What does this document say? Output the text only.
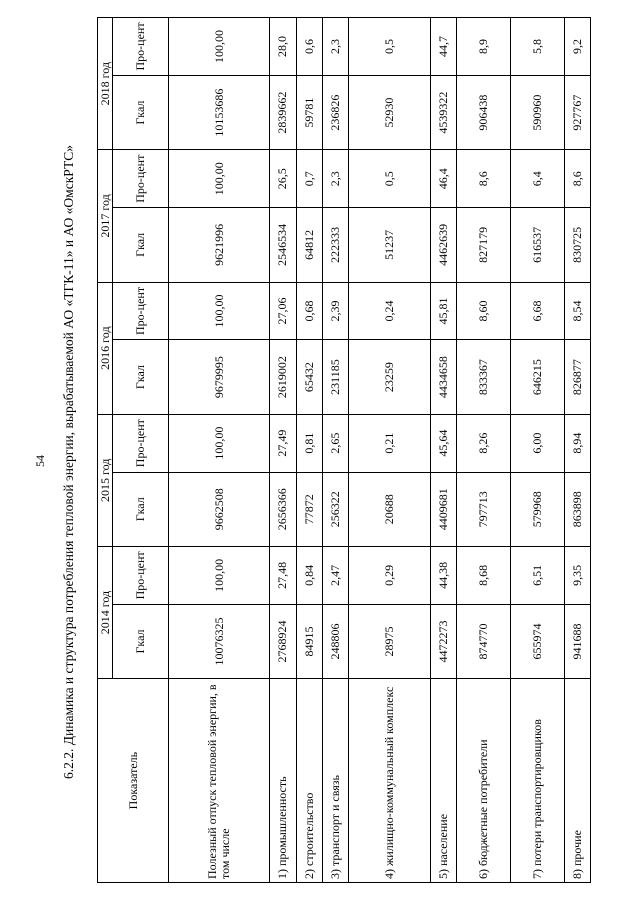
54 6.2.2. Динамика и структура потребления тепловой энергии, вырабатываемой АО «ТГК-11» и АО «ОмскРТС»
Показатель	2014 год		2015 год		2016 год		2017 год		2018 год	
	Гкал	Про-цент	Гкал	Про-цент	Гкал	Про-цент	Гкал	Про-цент	Гкал	Про-цент
Полезный отпуск тепловой энергии, в том числе	10076325	100,00	9662508	100,00	9679995	100,00	9621996	100,00	10153686	100,00
1) промышленность	2768924	27,48	2656366	27,49	2619002	27,06	2546534	26,5	2839662	28,0
2) строительство	84915	0,84	77872	0,81	65432	0,68	64812	0,7	59781	0,6
3) транспорт и связь	248806	2,47	256322	2,65	231185	2,39	222333	2,3	236826	2,3
4) жилищно-коммунальный комплекс	28975	0,29	20688	0,21	23259	0,24	51237	0,5	52930	0,5
5) население	4472273	44,38	4409681	45,64	4434658	45,81	4462639	46,4	4539322	44,7
6) бюджетные потребители	874770	8,68	797713	8,26	833367	8,60	827179	8,6	906438	8,9
7) потери транспортировщиков	655974	6,51	579968	6,00	646215	6,68	616537	6,4	590960	5,8
8) прочие	941688	9,35	863898	8,94	826877	8,54	830725	8,6	927767	9,2
